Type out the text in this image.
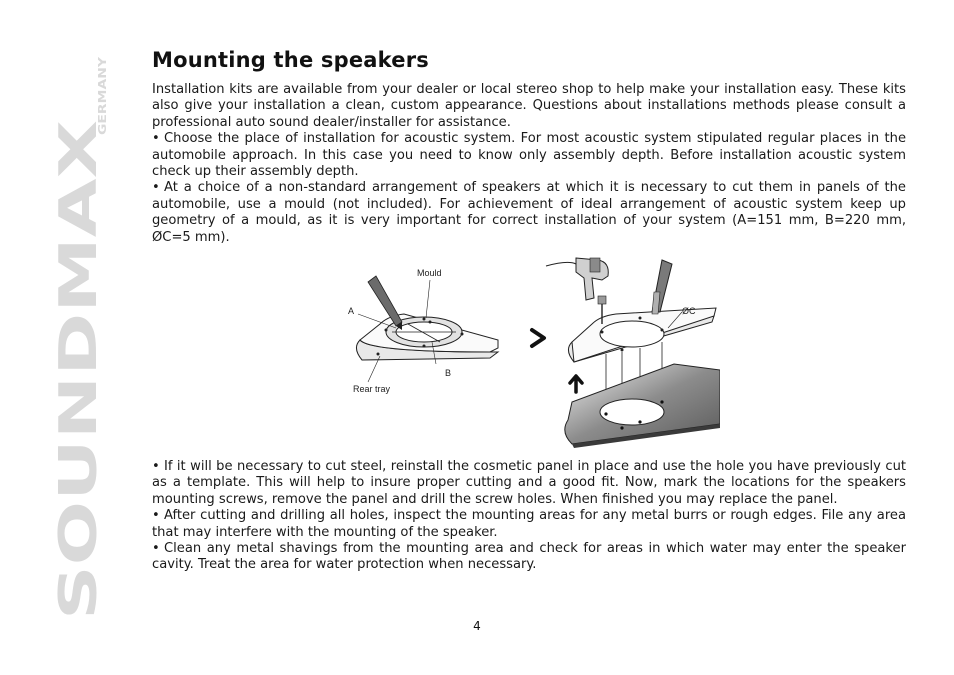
SOUNDMAX
GERMANY
Mounting the speakers

Installation kits are available from your dealer or local stereo shop to help make your installation easy. These kits also give your installation a clean, custom appearance. Questions about installations methods please consult a professional auto sound dealer/installer for assistance.

• Choose the place of installation for acoustic system. For most acoustic system stipulated regular places in the automobile approach. In this case you need to know only assembly depth. Before installation acoustic system check up their assembly depth.

• At a choice of a non-standard arrangement of speakers at which it is necessary to cut them in panels of the automobile, use a mould (not included). For achievement of ideal arrangement of acoustic system keep up geometry of a mould, as it is very important for correct installation of your system (A=151 mm, B=220 mm, ØC=5 mm).

Mould
A
B
Rear tray
ØC

• If it will be necessary to cut steel, reinstall the cosmetic panel in place and use the hole you have previously cut as a template. This will help to insure proper cutting and a good fit. Now, mark the locations for the speakers mounting screws, remove the panel and drill the screw holes. When finished you may replace the panel.

• After cutting and drilling all holes, inspect the mounting areas for any metal burrs or rough edges. File any area that may interfere with the mounting of the speaker.

• Clean any metal shavings from the mounting area and check for areas in which water may enter the speaker cavity. Treat the area for water protection when necessary.

4
